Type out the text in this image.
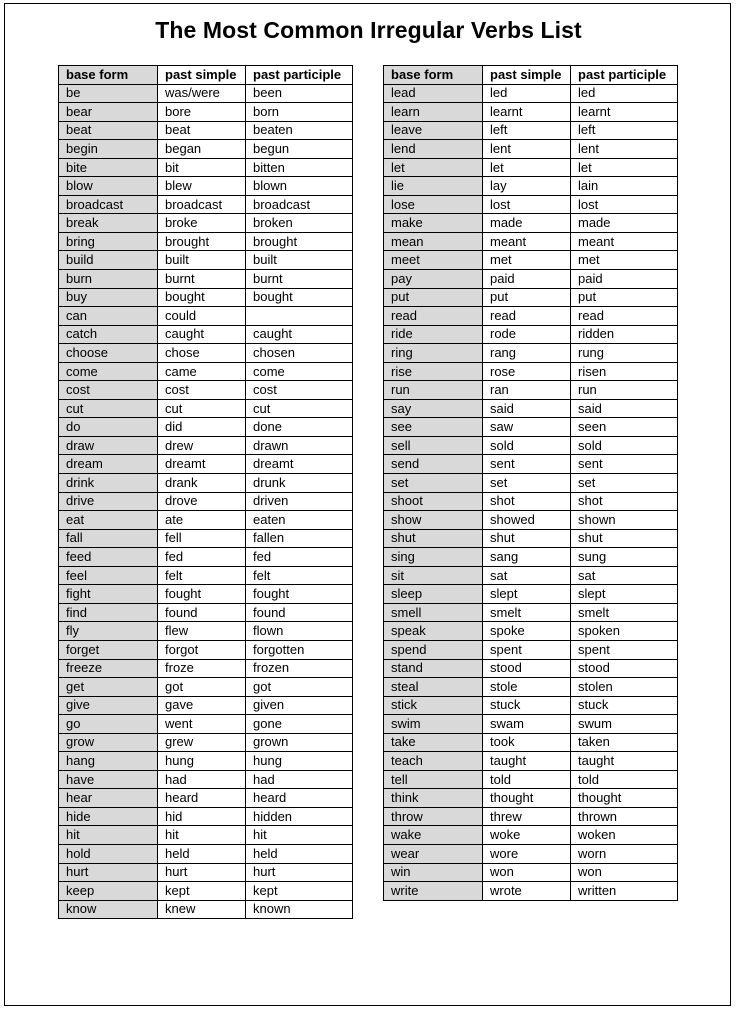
The Most Common Irregular Verbs List
base form	past simple	past participle
be	was/were	been
bear	bore	born
beat	beat	beaten
begin	began	begun
bite	bit	bitten
blow	blew	blown
broadcast	broadcast	broadcast
break	broke	broken
bring	brought	brought
build	built	built
burn	burnt	burnt
buy	bought	bought
can	could	
catch	caught	caught
choose	chose	chosen
come	came	come
cost	cost	cost
cut	cut	cut
do	did	done
draw	drew	drawn
dream	dreamt	dreamt
drink	drank	drunk
drive	drove	driven
eat	ate	eaten
fall	fell	fallen
feed	fed	fed
feel	felt	felt
fight	fought	fought
find	found	found
fly	flew	flown
forget	forgot	forgotten
freeze	froze	frozen
get	got	got
give	gave	given
go	went	gone
grow	grew	grown
hang	hung	hung
have	had	had
hear	heard	heard
hide	hid	hidden
hit	hit	hit
hold	held	held
hurt	hurt	hurt
keep	kept	kept
know	knew	known
base form	past simple	past participle
lead	led	led
learn	learnt	learnt
leave	left	left
lend	lent	lent
let	let	let
lie	lay	lain
lose	lost	lost
make	made	made
mean	meant	meant
meet	met	met
pay	paid	paid
put	put	put
read	read	read
ride	rode	ridden
ring	rang	rung
rise	rose	risen
run	ran	run
say	said	said
see	saw	seen
sell	sold	sold
send	sent	sent
set	set	set
shoot	shot	shot
show	showed	shown
shut	shut	shut
sing	sang	sung
sit	sat	sat
sleep	slept	slept
smell	smelt	smelt
speak	spoke	spoken
spend	spent	spent
stand	stood	stood
steal	stole	stolen
stick	stuck	stuck
swim	swam	swum
take	took	taken
teach	taught	taught
tell	told	told
think	thought	thought
throw	threw	thrown
wake	woke	woken
wear	wore	worn
win	won	won
write	wrote	written
